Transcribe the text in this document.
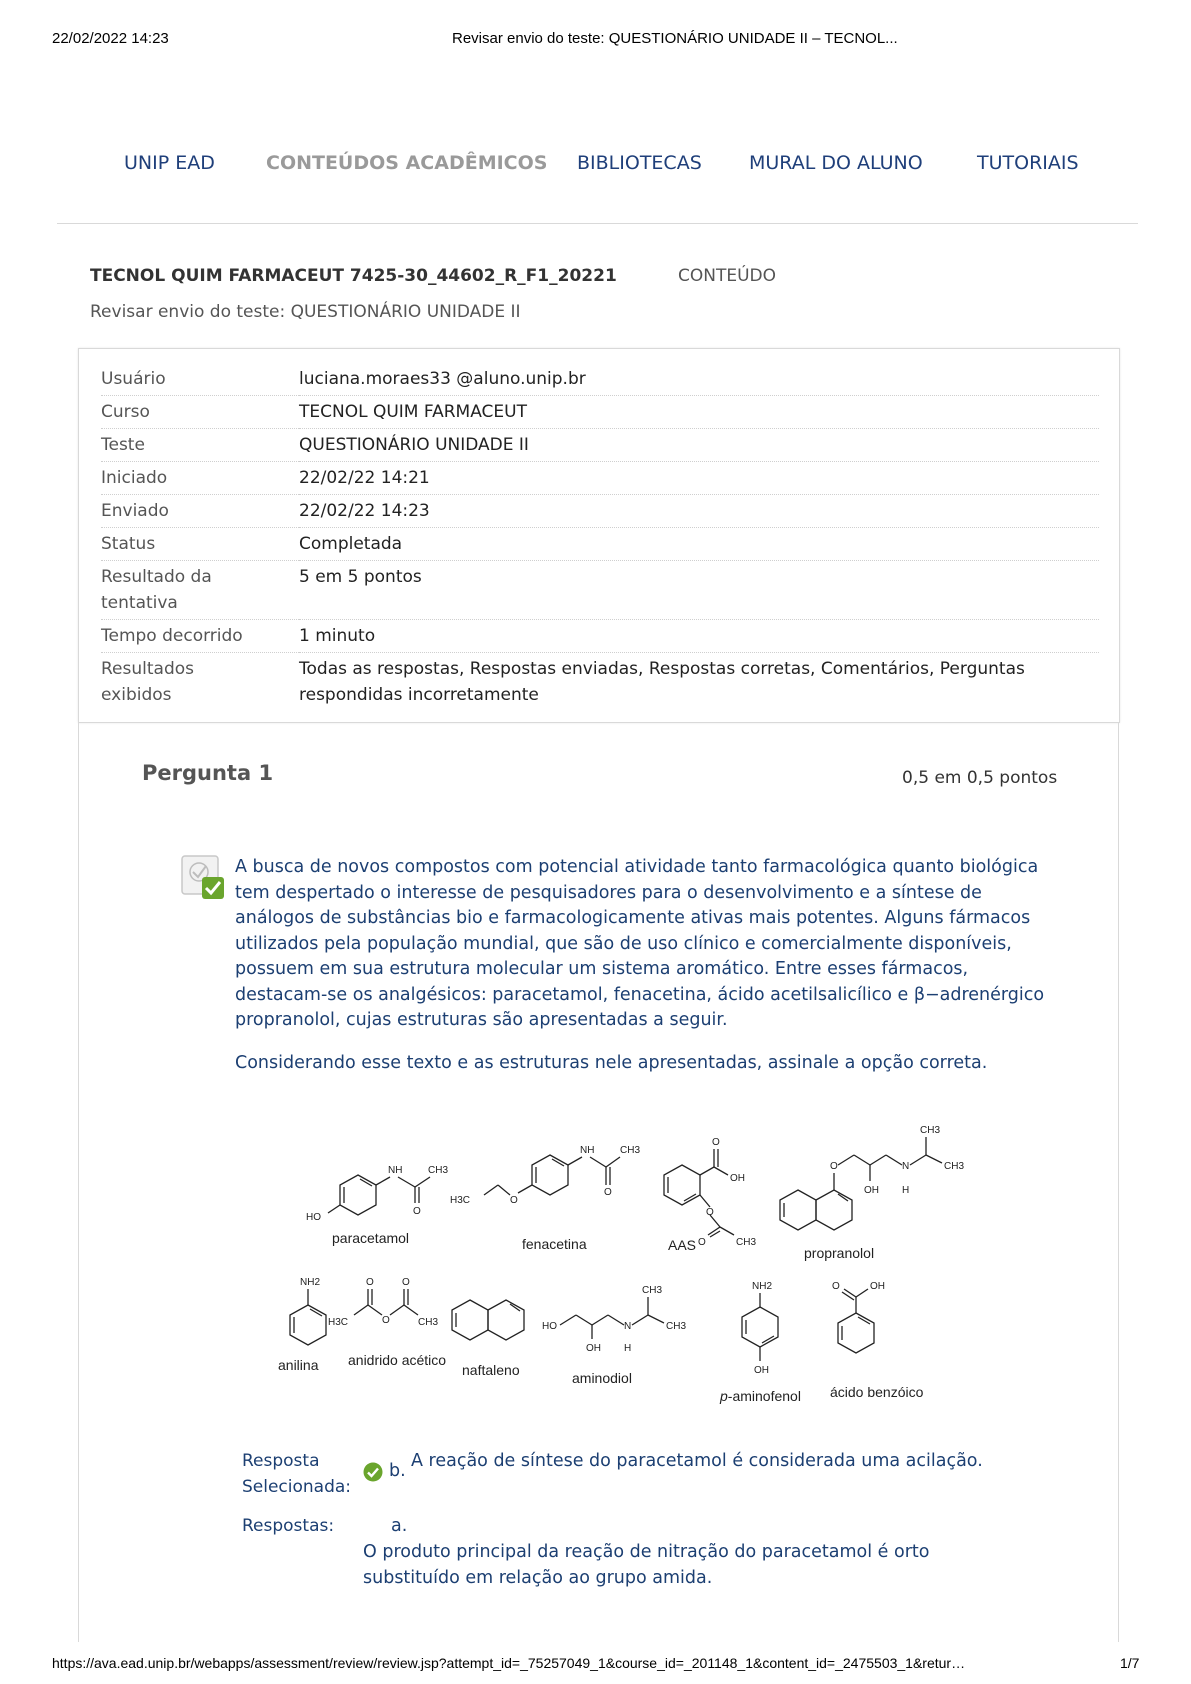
22/02/2022 14:23	Revisar envio do teste: QUESTIONÁRIO UNIDADE II – TECNOL...
UNIP EAD	CONTEÚDOS ACADÊMICOS BIBLIOTECAS MURAL DO ALUNO	TUTORIAIS
TECNOL QUIM FARMACEUT 7425-30_44602_R_F1_20221	CONTEÚDO
Revisar envio do teste: QUESTIONÁRIO UNIDADE II
Usuário	luciana.moraes33 @aluno.unip.br
Curso	TECNOL QUIM FARMACEUT
Teste	QUESTIONÁRIO UNIDADE II
Iniciado	22/02/22 14:21
Enviado	22/02/22 14:23
Status	Completada
Resultado da tentativa	5 em 5 pontos
Tempo decorrido	1 minuto
Resultados exibidos	Todas as respostas, Respostas enviadas, Respostas corretas, Comentários, Perguntas respondidas incorretamente
Pergunta 1	0,5 em 0,5 pontos

A busca de novos compostos com potencial atividade tanto farmacológica quanto biológica tem despertado o interesse de pesquisadores para o desenvolvimento e a síntese de análogos de substâncias bio e farmacologicamente ativas mais potentes. Alguns fármacos utilizados pela população mundial, que são de uso clínico e comercialmente disponíveis, possuem em sua estrutura molecular um sistema aromático. Entre esses fármacos, destacam-se os analgésicos: paracetamol, fenacetina, ácido acetilsalicílico e β−adrenérgico propranolol, cujas estruturas são apresentadas a seguir.

Considerando esse texto e as estruturas nele apresentadas, assinale a opção correta.

NH	CH3
O
HO
paracetamol
NH	CH3
O
O
H3C
fenacetina
O
OH
O
O	CH3
AAS
O
OH
N
H
CH3
CH3
propranolol
NH2
anilina
O	O
O
H3C	CH3
anidrido acético
naftaleno
HO
OH
N
H
CH3
CH3
aminodiol
NH2
OH
p-aminofenol
O	OH
ácido benzóico
Resposta
Selecionada:
b. A reação de síntese do paracetamol é considerada uma acilação.
Respostas:	a.
O produto principal da reação de nitração do paracetamol é orto substituído em relação ao grupo amida.
https://ava.ead.unip.br/webapps/assessment/review/review.jsp?attempt_id=_75257049_1&course_id=_201148_1&content_id=_2475503_1&retur…	1/7
